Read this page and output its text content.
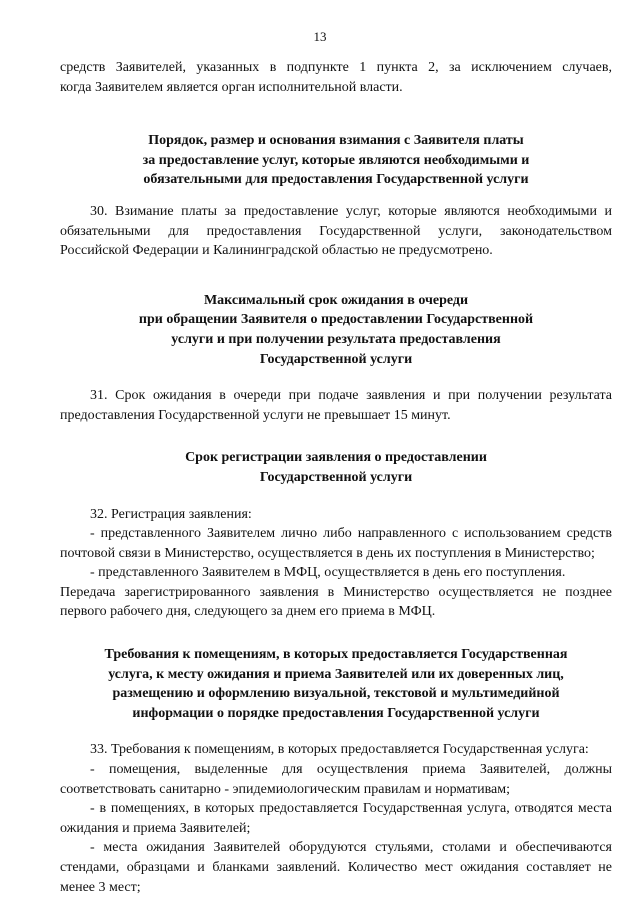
13

средств Заявителей, указанных в подпункте 1 пункта 2, за исключением случаев,
когда Заявителем является орган исполнительной власти.

Порядок, размер и основания взимания с Заявителя платы
за предоставление услуг, которые являются необходимыми и
обязательными для предоставления Государственной услуги

30. Взимание платы за предоставление услуг, которые являются необходимыми и обязательными для предоставления Государственной услуги, законодательством Российской Федерации и Калининградской областью не предусмотрено.

Максимальный срок ожидания в очереди
при обращении Заявителя о предоставлении Государственной
услуги и при получении результата предоставления
Государственной услуги

31. Срок ожидания в очереди при подаче заявления и при получении результата предоставления Государственной услуги не превышает 15 минут.

Срок регистрации заявления о предоставлении
Государственной услуги

32. Регистрация заявления:

- представленного Заявителем лично либо направленного с использованием средств почтовой связи в Министерство, осуществляется в день их поступления в Министерство;

- представленного Заявителем в МФЦ, осуществляется в день его поступления.

Передача зарегистрированного заявления в Министерство осуществляется не позднее первого рабочего дня, следующего за днем его приема в МФЦ.

Требования к помещениям, в которых предоставляется Государственная
услуга, к месту ожидания и приема Заявителей или их доверенных лиц,
размещению и оформлению визуальной, текстовой и мультимедийной
информации о порядке предоставления Государственной услуги

33. Требования к помещениям, в которых предоставляется Государственная услуга:

- помещения, выделенные для осуществления приема Заявителей, должны соответствовать санитарно - эпидемиологическим правилам и нормативам;

- в помещениях, в которых предоставляется Государственная услуга, отводятся места ожидания и приема Заявителей;

- места ожидания Заявителей оборудуются стульями, столами и обеспечиваются стендами, образцами и бланками заявлений. Количество мест ожидания составляет не менее 3 мест;
